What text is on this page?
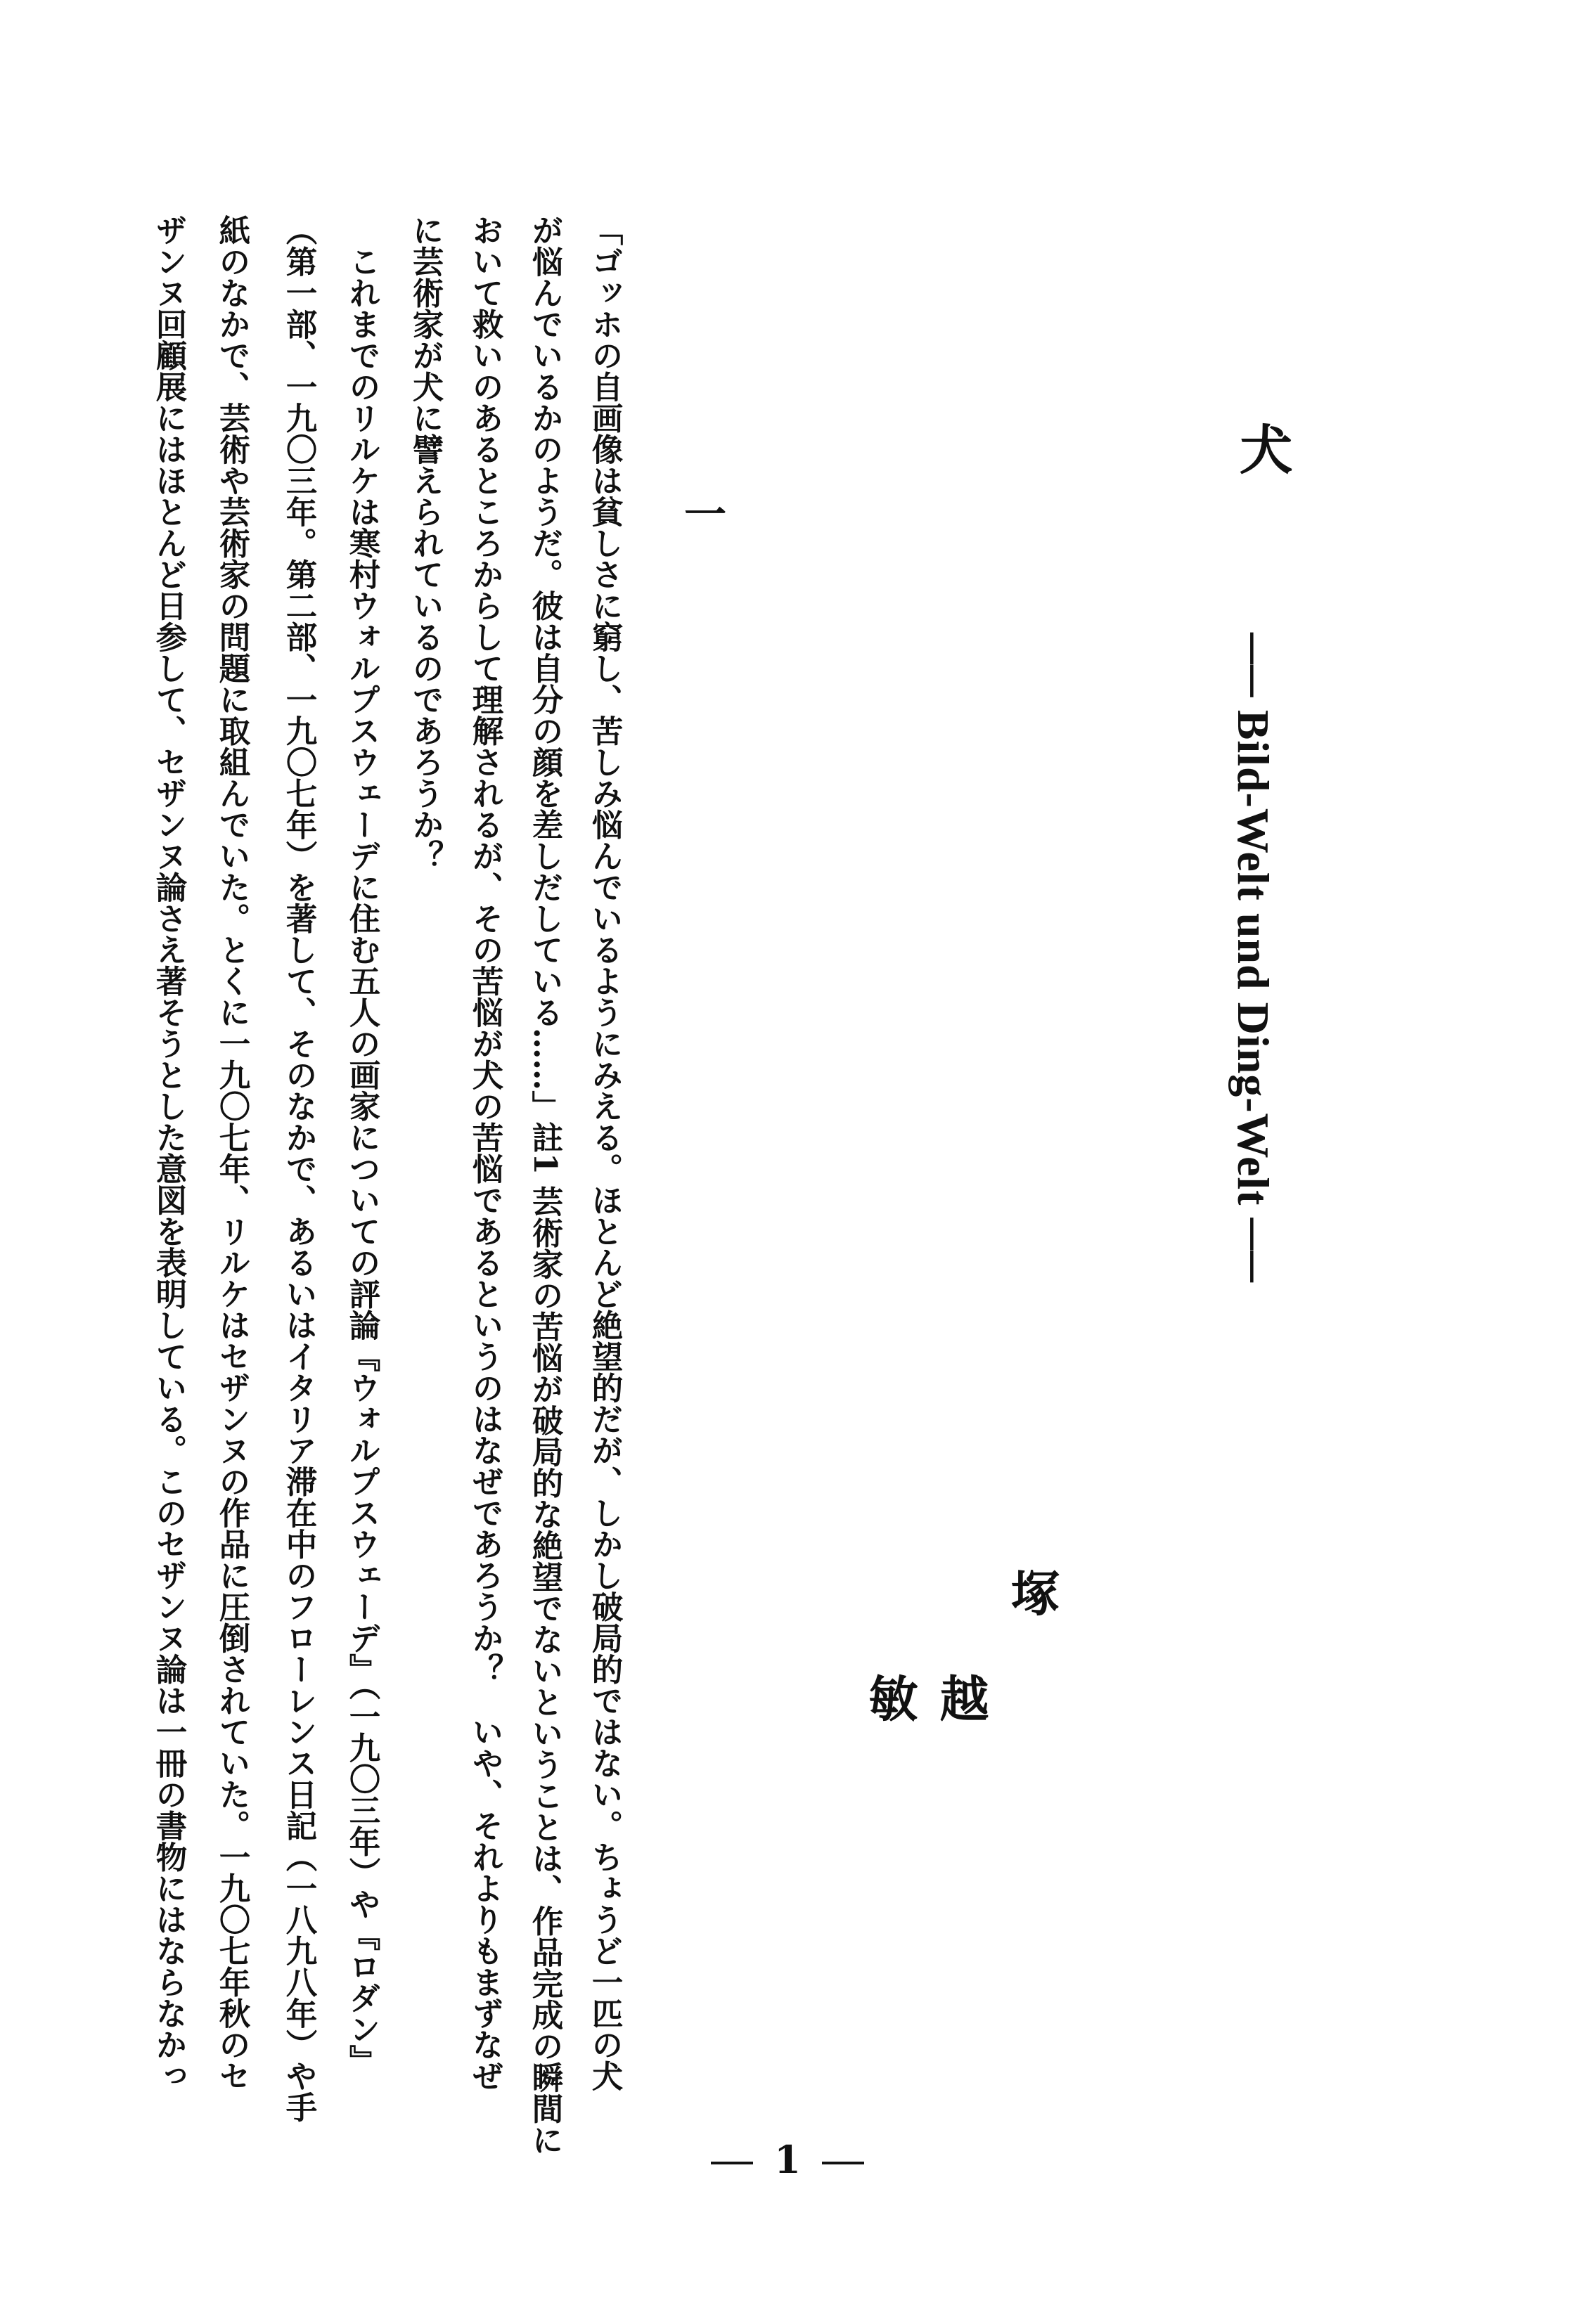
犬
── Bild-Welt und Ding-Welt ──
塚
越
敏
一
「ゴッホの自画像は貧しさに窮し、苦しみ悩んでいるようにみえる。ほとんど絶望的だが、しかし破局的ではない。ちょうど一匹の犬
が悩んでいるかのようだ。彼は自分の顔を差しだしている……」註1 芸術家の苦悩が破局的な絶望でないということは、作品完成の瞬間に
おいて救いのあるところからして理解されるが、その苦悩が犬の苦悩であるというのはなぜであろうか？　いや、それよりもまずなぜ
に芸術家が犬に譬えられているのであろうか？
　これまでのリルケは寒村ウォルプスウェーデに住む五人の画家についての評論『ウォルプスウェーデ』（一九〇三年）や『ロダン』
（第一部、一九〇三年。第二部、一九〇七年）を著して、そのなかで、あるいはイタリア滞在中のフローレンス日記（一八九八年）や手
紙のなかで、芸術や芸術家の問題に取組んでいた。とくに一九〇七年、リルケはセザンヌの作品に圧倒されていた。一九〇七年秋のセ
ザンヌ回顧展にはほとんど日参して、セザンヌ論さえ著そうとした意図を表明している。このセザンヌ論は一冊の書物にはならなかっ
1
